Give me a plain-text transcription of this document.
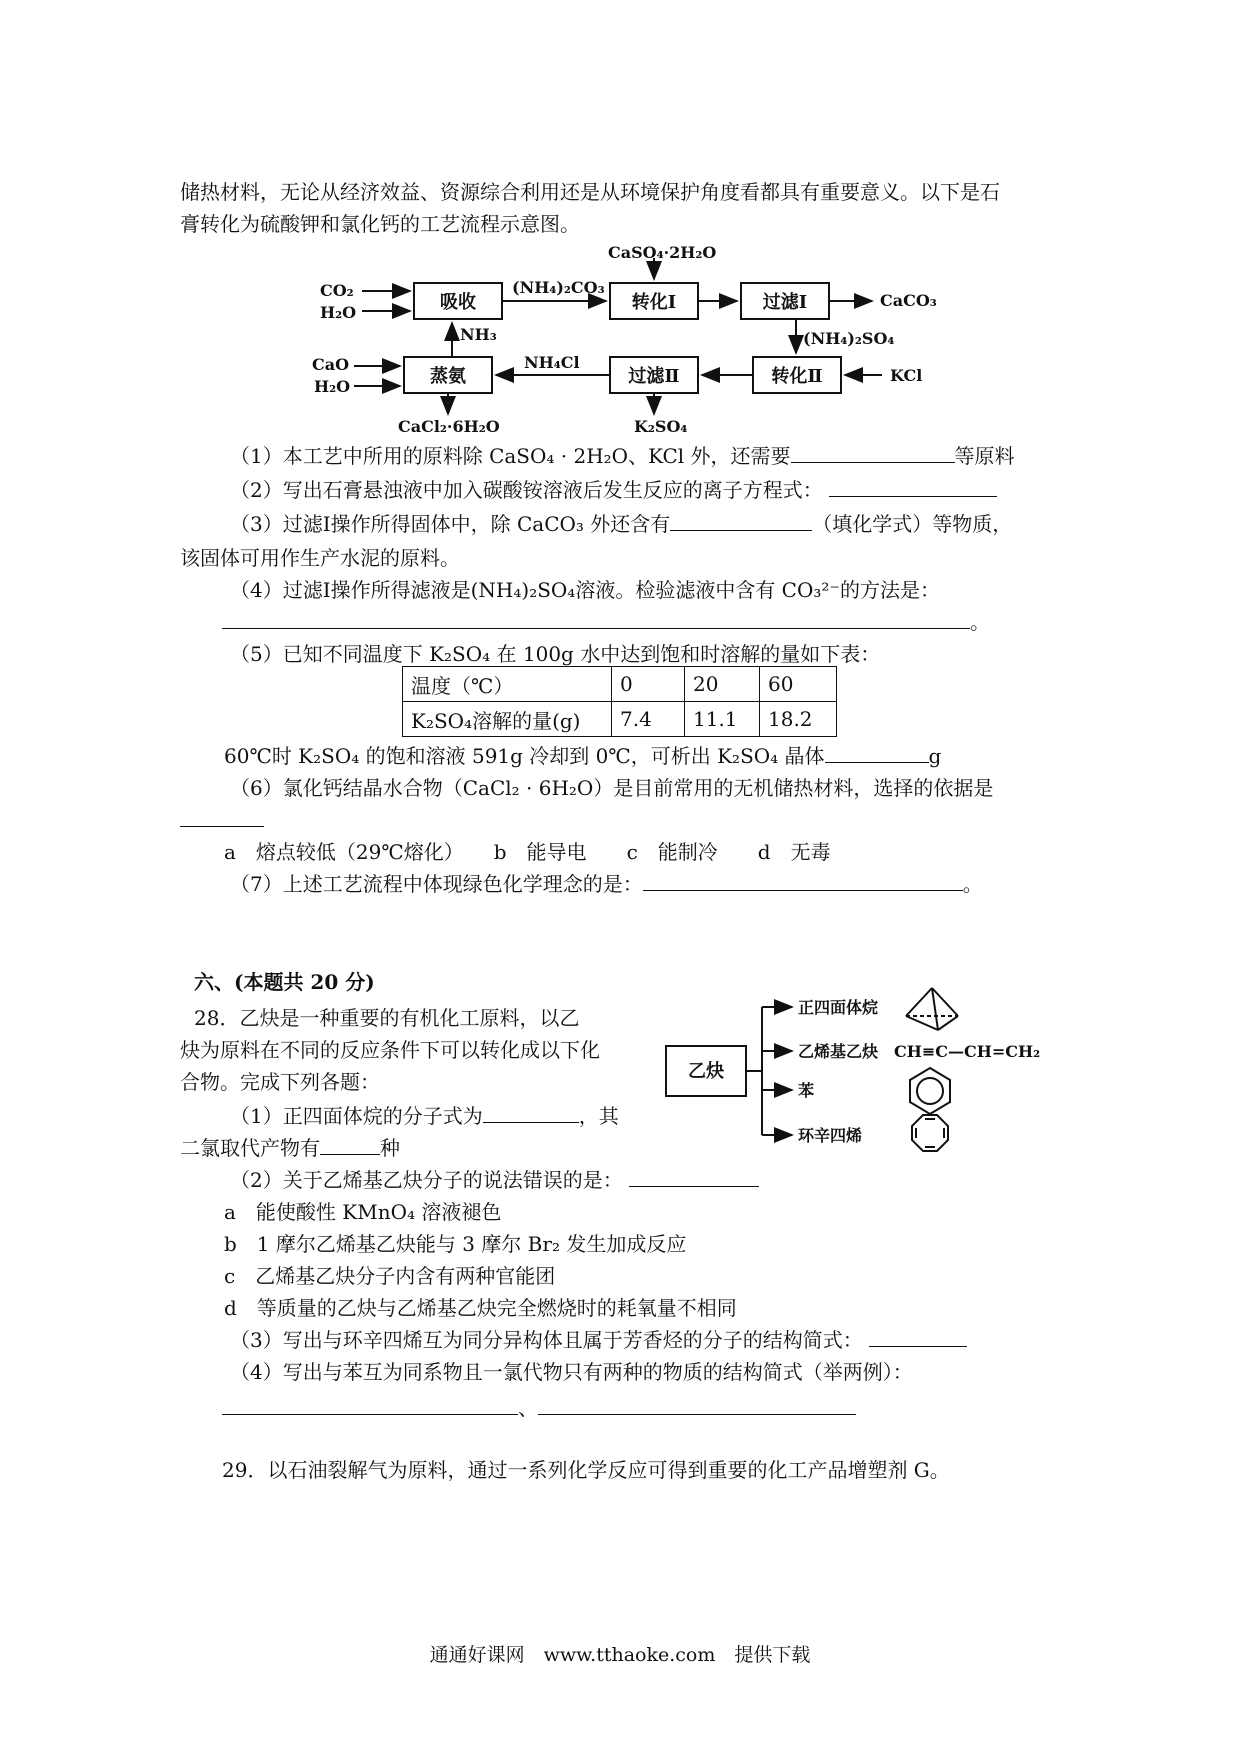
储热材料，无论从经济效益、资源综合利用还是从环境保护角度看都具有重要意义。以下是石
膏转化为硫酸钾和氯化钙的工艺流程示意图。
CaSO₄·2H₂O
CO₂
H₂O	吸收
(NH₄)₂CO₃
转化Ⅰ	过滤Ⅰ	CaCO₃
NH₃	(NH₄)₂SO₄
CaO
H₂O	蒸氨
NH₄Cl
过滤Ⅱ	转化Ⅱ	KCl
CaCl₂·6H₂O	K₂SO₄
（1）本工艺中所用的原料除 CaSO₄ · 2H₂O、KCl 外，还需要	等原料
（2）写出石膏悬浊液中加入碳酸铵溶液后发生反应的离子方程式：
（3）过滤Ⅰ操作所得固体中，除 CaCO₃ 外还含有	（填化学式）等物质，
该固体可用作生产水泥的原料。
（4）过滤Ⅰ操作所得滤液是(NH₄)₂SO₄溶液。检验滤液中含有 CO₃²⁻的方法是：
。
（5）已知不同温度下 K₂SO₄ 在 100g 水中达到饱和时溶解的量如下表：
温度（℃）	0	20	60
K₂SO₄溶解的量(g)	7.4	11.1	18.2
60℃时 K₂SO₄ 的饱和溶液 591g 冷却到 0℃，可析出 K₂SO₄ 晶体	g
（6）氯化钙结晶水合物（CaCl₂ · 6H₂O）是目前常用的无机储热材料，选择的依据是
a　熔点较低（29℃熔化）　　 b　能导电　　 c　能制冷　　 d　无毒
（7）上述工艺流程中体现绿色化学理念的是：	。
六、(本题共 20 分)
28．乙炔是一种重要的有机化工原料，以乙
炔为原料在不同的反应条件下可以转化成以下化
合物。完成下列各题：
（1）正四面体烷的分子式为	，其
二氯取代产物有	种
（2）关于乙烯基乙炔分子的说法错误的是：
a　能使酸性 KMnO₄ 溶液褪色
b　1 摩尔乙烯基乙炔能与 3 摩尔 Br₂ 发生加成反应
c　乙烯基乙炔分子内含有两种官能团
d　等质量的乙炔与乙烯基乙炔完全燃烧时的耗氧量不相同
（3）写出与环辛四烯互为同分异构体且属于芳香烃的分子的结构简式：
（4）写出与苯互为同系物且一氯代物只有两种的物质的结构简式（举两例）：
、
乙炔
正四面体烷
乙烯基乙炔 CH≡C—CH=CH₂
苯
环辛四烯
29．以石油裂解气为原料，通过一系列化学反应可得到重要的化工产品增塑剂 G。
通通好课网　www.tthaoke.com　提供下载
